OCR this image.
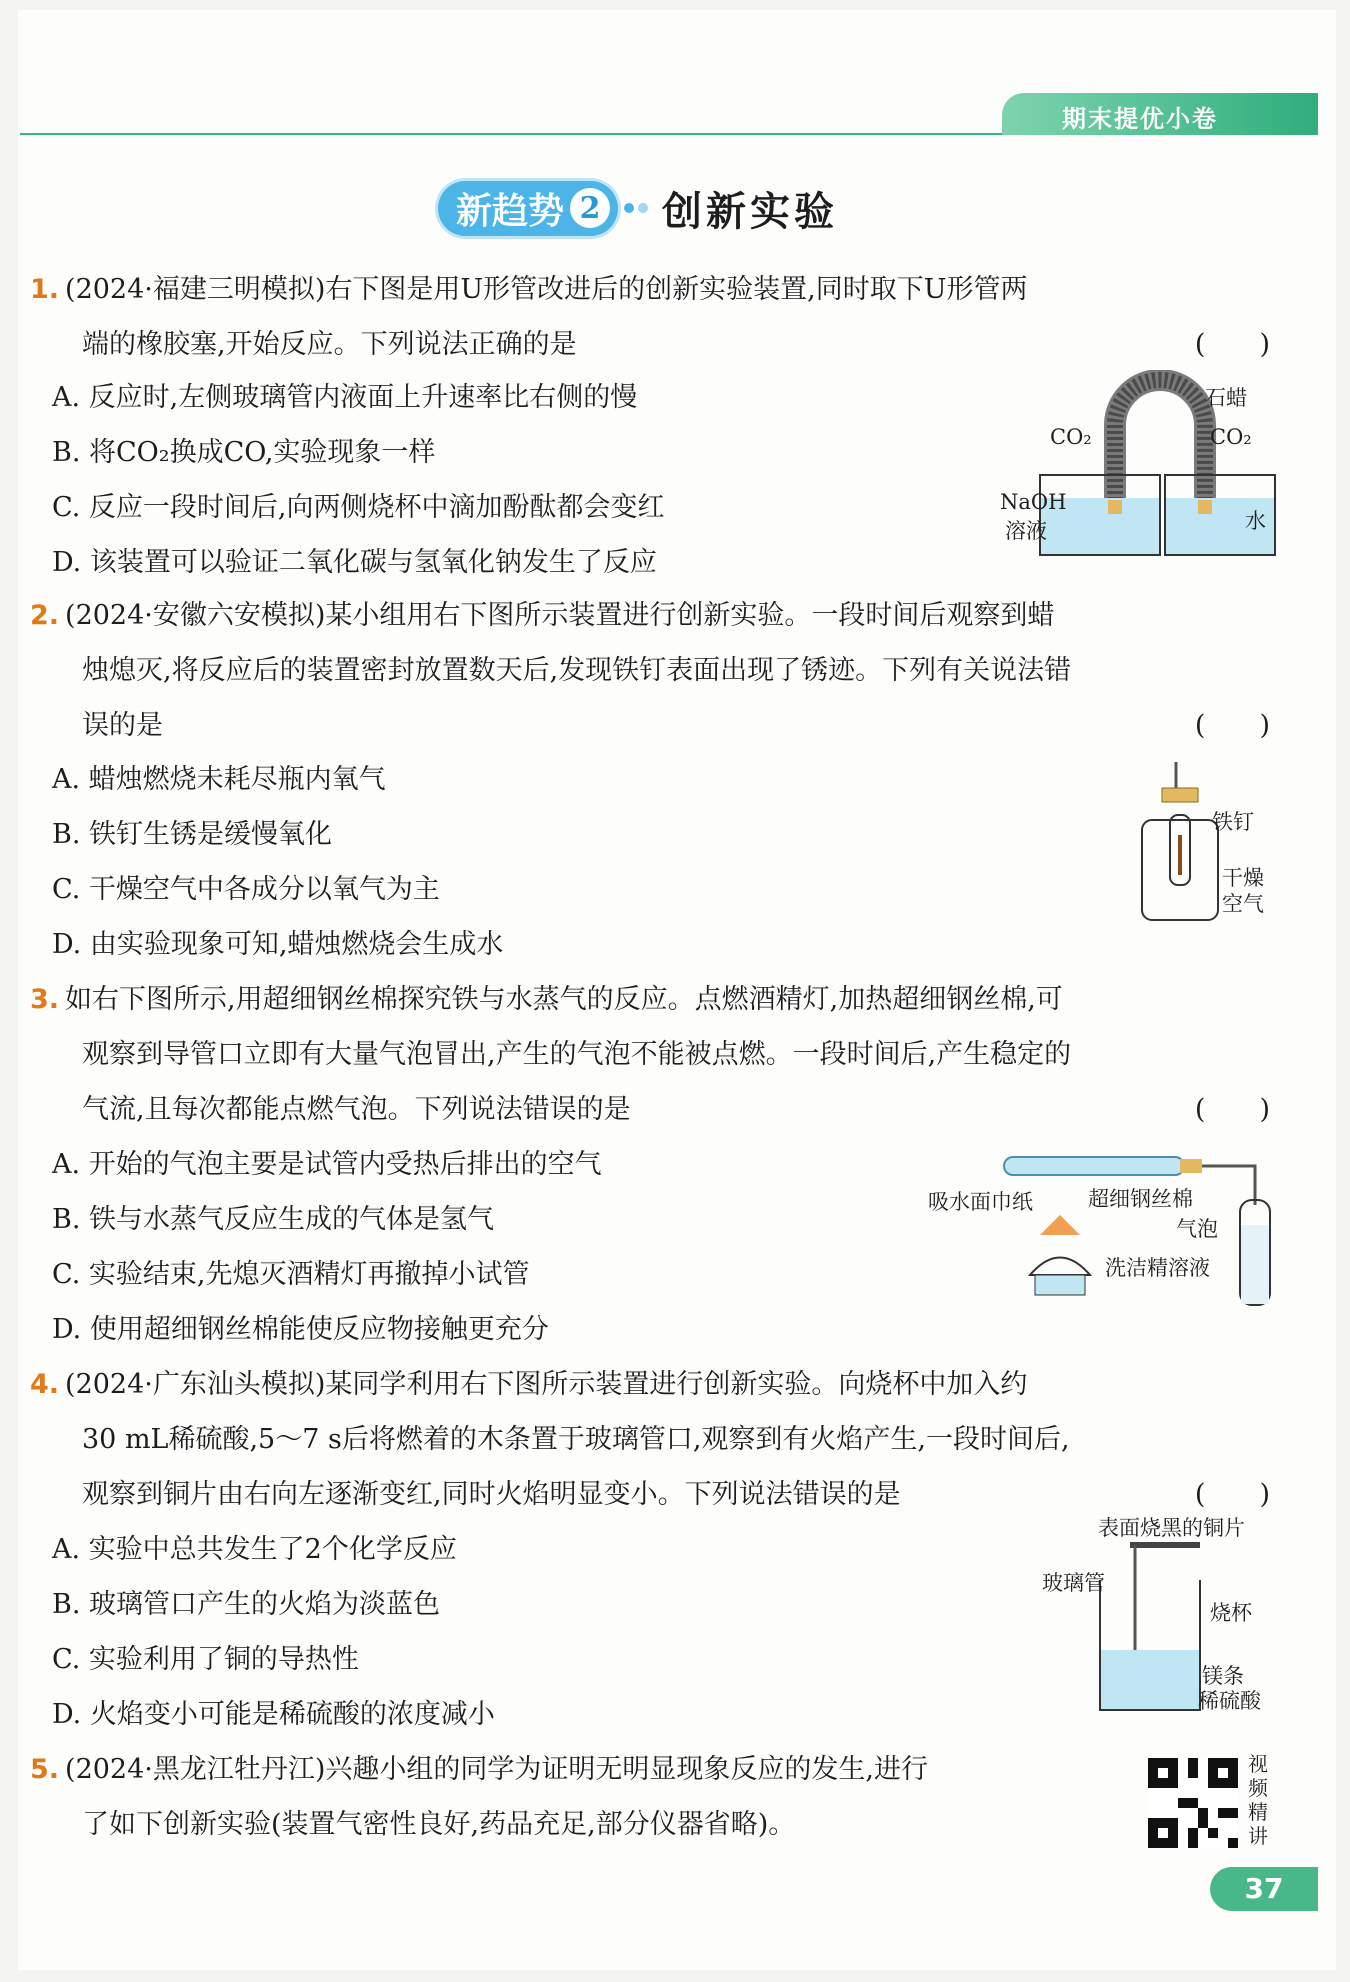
期末提优小卷
新趋势 2 创新实验
1. (2024·福建三明模拟)右下图是用U形管改进后的创新实验装置,同时取下U形管两
端的橡胶塞,开始反应。下列说法正确的是	(　　)
A. 反应时,左侧玻璃管内液面上升速率比右侧的慢
B. 将CO₂换成CO,实验现象一样
C. 反应一段时间后,向两侧烧杯中滴加酚酞都会变红
D. 该装置可以验证二氧化碳与氢氧化钠发生了反应
石蜡
CO₂	CO₂
NaOH
溶液	水
2. (2024·安徽六安模拟)某小组用右下图所示装置进行创新实验。一段时间后观察到蜡
烛熄灭,将反应后的装置密封放置数天后,发现铁钉表面出现了锈迹。下列有关说法错
误的是	(　　)
A. 蜡烛燃烧未耗尽瓶内氧气
B. 铁钉生锈是缓慢氧化
C. 干燥空气中各成分以氧气为主
D. 由实验现象可知,蜡烛燃烧会生成水
铁钉
干燥
空气
3. 如右下图所示,用超细钢丝棉探究铁与水蒸气的反应。点燃酒精灯,加热超细钢丝棉,可
观察到导管口立即有大量气泡冒出,产生的气泡不能被点燃。一段时间后,产生稳定的
气流,且每次都能点燃气泡。下列说法错误的是	(　　)
A. 开始的气泡主要是试管内受热后排出的空气
B. 铁与水蒸气反应生成的气体是氢气
C. 实验结束,先熄灭酒精灯再撤掉小试管
D. 使用超细钢丝棉能使反应物接触更充分
吸水面巾纸	超细钢丝棉
气泡
洗洁精溶液
4. (2024·广东汕头模拟)某同学利用右下图所示装置进行创新实验。向烧杯中加入约
30 mL稀硫酸,5～7 s后将燃着的木条置于玻璃管口,观察到有火焰产生,一段时间后,
观察到铜片由右向左逐渐变红,同时火焰明显变小。下列说法错误的是	(　　)
A. 实验中总共发生了2个化学反应
B. 玻璃管口产生的火焰为淡蓝色
C. 实验利用了铜的导热性
D. 火焰变小可能是稀硫酸的浓度减小
表面烧黑的铜片
玻璃管
烧杯
镁条
稀硫酸
5. (2024·黑龙江牡丹江)兴趣小组的同学为证明无明显现象反应的发生,进行
了如下创新实验(装置气密性良好,药品充足,部分仪器省略)。
视
频
精
讲
37
